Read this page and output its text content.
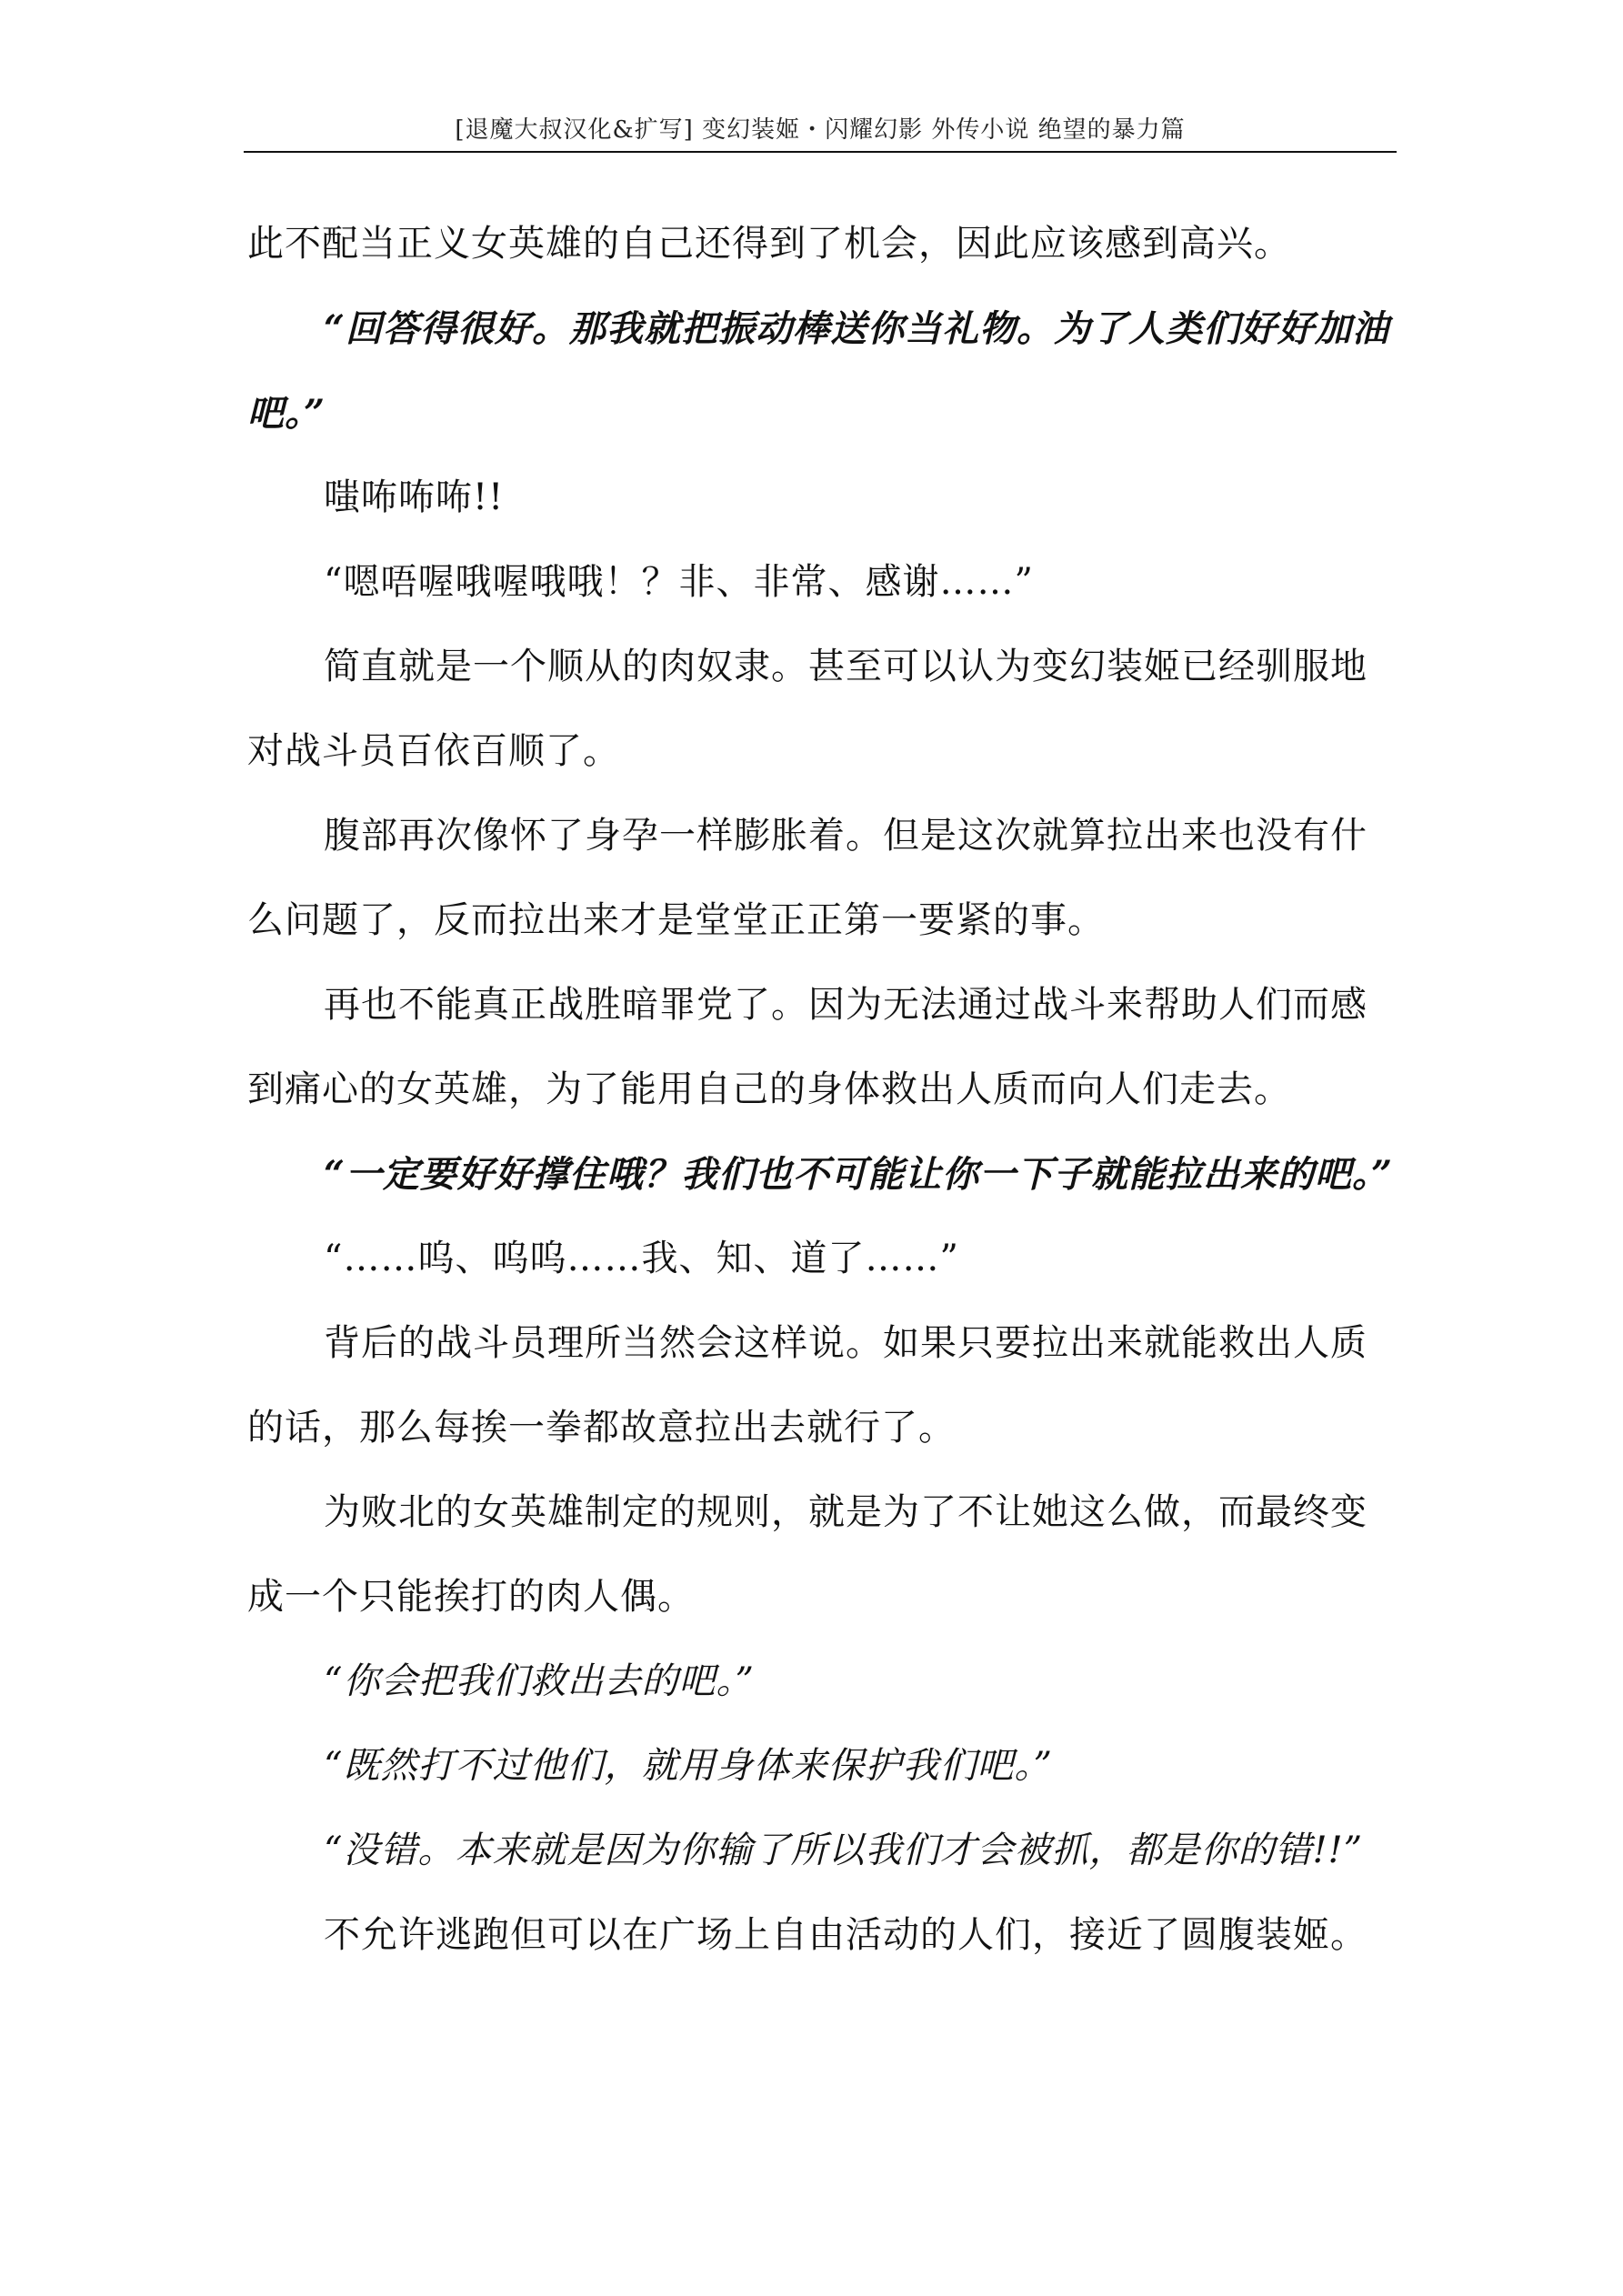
[退魔大叔汉化&扩写] 变幻装姬・闪耀幻影 外传小说 绝望的暴力篇

此不配当正义女英雄的自己还得到了机会，因此应该感到高兴。

“回答得很好。那我就把振动棒送你当礼物。为了人类们好好加油吧。”

嗤咘咘咘!!

“嗯唔喔哦喔哦哦！？非、非常、感谢……”

简直就是一个顺从的肉奴隶。甚至可以认为变幻装姬已经驯服地对战斗员百依百顺了。

腹部再次像怀了身孕一样膨胀着。但是这次就算拉出来也没有什么问题了，反而拉出来才是堂堂正正第一要紧的事。

再也不能真正战胜暗罪党了。因为无法通过战斗来帮助人们而感到痛心的女英雄，为了能用自己的身体救出人质而向人们走去。

“一定要好好撑住哦？我们也不可能让你一下子就能拉出来的吧。”

“……呜、呜呜……我、知、道了……”

背后的战斗员理所当然会这样说。如果只要拉出来就能救出人质的话，那么每挨一拳都故意拉出去就行了。

为败北的女英雄制定的规则，就是为了不让她这么做，而最终变成一个只能挨打的肉人偶。

“你会把我们救出去的吧。”

“既然打不过他们，就用身体来保护我们吧。”

“没错。本来就是因为你输了所以我们才会被抓，都是你的错!!”

不允许逃跑但可以在广场上自由活动的人们，接近了圆腹装姬。
